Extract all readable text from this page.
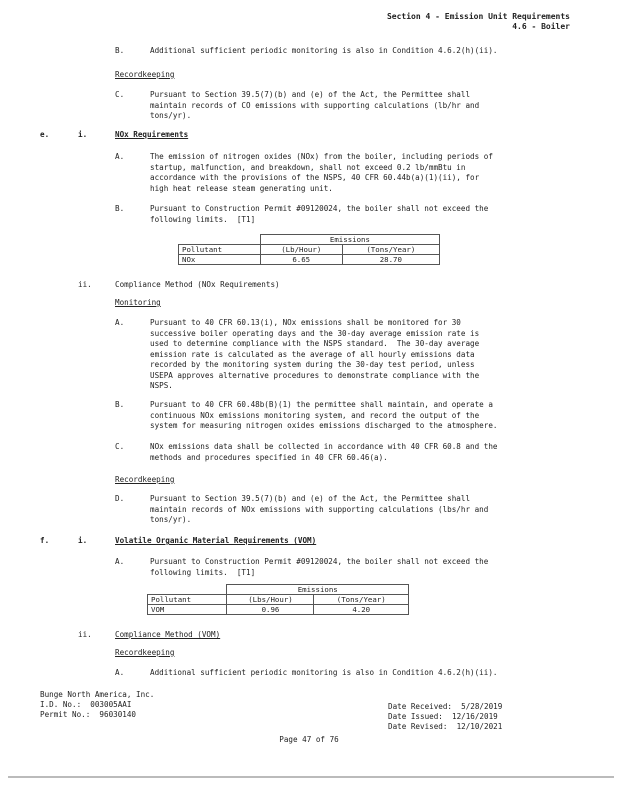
Section 4 - Emission Unit Requirements
4.6 - Boiler
B.	Additional sufficient periodic monitoring is also in Condition 4.6.2(h)(ii).
Recordkeeping
C.	Pursuant to Section 39.5(7)(b) and (e) of the Act, the Permittee shall
maintain records of CO emissions with supporting calculations (lb/hr and
tons/yr).
e.	i.	NOx Requirements
A.	The emission of nitrogen oxides (NOx) from the boiler, including periods of
startup, malfunction, and breakdown, shall not exceed 0.2 lb/mmBtu in
accordance with the provisions of the NSPS, 40 CFR 60.44b(a)(1)(ii), for
high heat release steam generating unit.
B.	Pursuant to Construction Permit #09120024, the boiler shall not exceed the
following limits.  [T1]
	Emissions	
Pollutant	(Lb/Hour)	(Tons/Year)
NOx	6.65	28.70
ii.	Compliance Method (NOx Requirements)
Monitoring
A.	Pursuant to 40 CFR 60.13(i), NOx emissions shall be monitored for 30
successive boiler operating days and the 30-day average emission rate is
used to determine compliance with the NSPS standard.  The 30-day average
emission rate is calculated as the average of all hourly emissions data
recorded by the monitoring system during the 30-day test period, unless
USEPA approves alternative procedures to demonstrate compliance with the
NSPS.
B.	Pursuant to 40 CFR 60.48b(B)(1) the permittee shall maintain, and operate a
continuous NOx emissions monitoring system, and record the output of the
system for measuring nitrogen oxides emissions discharged to the atmosphere.
C.	NOx emissions data shall be collected in accordance with 40 CFR 60.8 and the
methods and procedures specified in 40 CFR 60.46(a).
Recordkeeping
D.	Pursuant to Section 39.5(7)(b) and (e) of the Act, the Permittee shall
maintain records of NOx emissions with supporting calculations (lbs/hr and
tons/yr).
f.	i.	Volatile Organic Material Requirements (VOM)
A.	Pursuant to Construction Permit #09120024, the boiler shall not exceed the
following limits.  [T1]
	Emissions	
Pollutant	(Lbs/Hour)	(Tons/Year)
VOM	0.96	4.20
ii.	Compliance Method (VOM)
Recordkeeping
A.	Additional sufficient periodic monitoring is also in Condition 4.6.2(h)(ii).
Bunge North America, Inc.
I.D. No.:  003005AAI
Permit No.:  96030140
Date Received:  5/28/2019
Date Issued:  12/16/2019
Date Revised:  12/10/2021
Page 47 of 76
